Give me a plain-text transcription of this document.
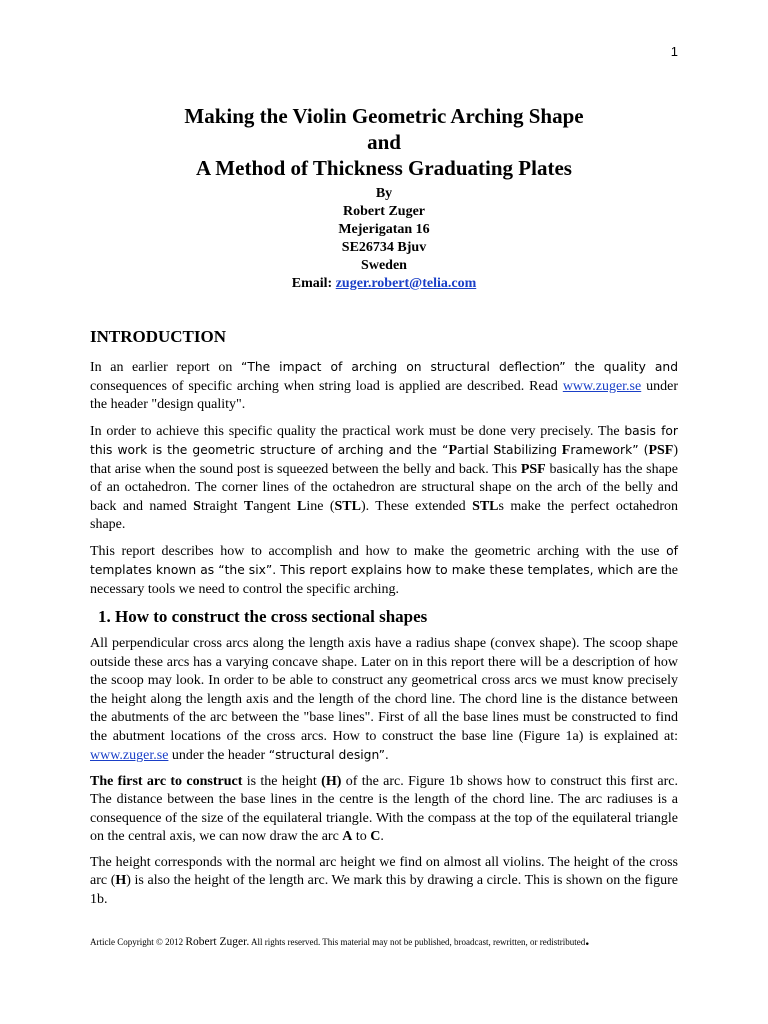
1
Making the Violin Geometric Arching Shape
and
A Method of Thickness Graduating Plates
By
Robert Zuger
Mejerigatan 16
SE26734 Bjuv
Sweden
Email: zuger.robert@telia.com
INTRODUCTION

In an earlier report on “The impact of arching on structural deflection” the quality and consequences of specific arching when string load is applied are described. Read www.zuger.se under the header "design quality".

In order to achieve this specific quality the practical work must be done very precisely. The basis for this work is the geometric structure of arching and the “Partial Stabilizing Framework” (PSF) that arise when the sound post is squeezed between the belly and back. This PSF basically has the shape of an octahedron. The corner lines of the octahedron are structural shape on the arch of the belly and back and named Straight Tangent Line (STL). These extended STLs make the perfect octahedron shape.

This report describes how to accomplish and how to make the geometric arching with the use of templates known as “the six”. This report explains how to make these templates, which are the necessary tools we need to control the specific arching.

1. How to construct the cross sectional shapes

All perpendicular cross arcs along the length axis have a radius shape (convex shape). The scoop shape outside these arcs has a varying concave shape. Later on in this report there will be a description of how the scoop may look. In order to be able to construct any geometrical cross arcs we must know precisely the height along the length axis and the length of the chord line. The chord line is the distance between the abutments of the arc between the "base lines". First of all the base lines must be constructed to find the abutment locations of the cross arcs. How to construct the base line (Figure 1a) is explained at: www.zuger.se under the header “structural design”.

The first arc to construct is the height (H) of the arc. Figure 1b shows how to construct this first arc. The distance between the base lines in the centre is the length of the chord line. The arc radiuses is a consequence of the size of the equilateral triangle. With the compass at the top of the equilateral triangle on the central axis, we can now draw the arc A to C.

The height corresponds with the normal arc height we find on almost all violins. The height of the cross arc (H) is also the height of the length arc. We mark this by drawing a circle. This is shown on the figure 1b.

Article Copyright © 2012 Robert Zuger. All rights reserved. This material may not be published, broadcast, rewritten, or redistributed.
